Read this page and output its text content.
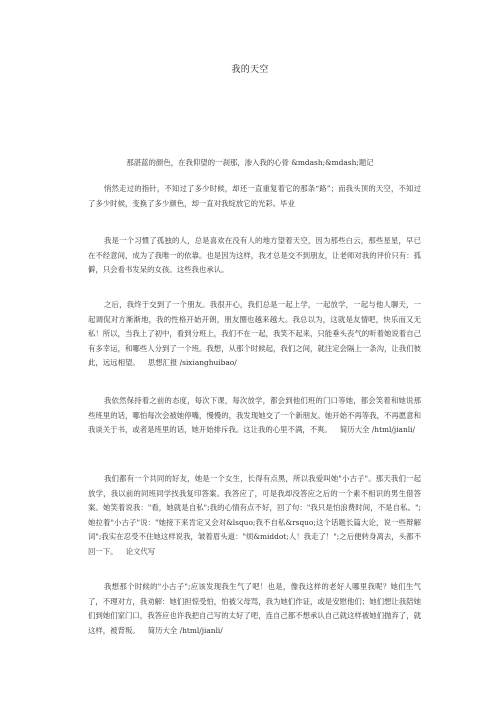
我的天空

那湛蓝的颜色，在我仰望的一刹那，渗入我的心骨 &mdash;&mdash;题记

悄然走过的指针，不知过了多少时候，却还一直重复着它的那条“路”；而我头顶的天空，不知过了多少时候，变换了多少颜色，却一直对我绽放它的光彩。毕业

我是一个习惯了孤独的人，总是喜欢在没有人的地方望着天空，因为那些白云，那些星星，早已在不经意间，成为了我唯一的依靠。也是因为这样，我才总是交不到朋友，让老师对我的评价只有：孤僻，只会看书发呆的女孩。这些我也承认。

之后，我终于交到了一个朋友。我很开心，我们总是一起上学，一起放学，一起与他人聊天，一起调侃对方渐渐地，我的性格开始开朗，朋友圈也越来越大。我总以为，这就是友情吧，快乐而又无私！所以，当我上了初中，看到分班上，我们不在一起，我笑不起来，只能垂头丧气的听着她说着自己有多幸运，和哪些人分到了一个班。我想，从那个时候起，我们之间，就注定会隔上一条沟，让我们彼此，远远相望。 思想汇报 /sixianghuibao/

我依然保持着之前的态度，每次下课，每次放学，都会到他们班的门口等她，都会笑着和她说那些班里的话，哪怕每次会被她停嘴，慢慢的，我发现她交了一个新朋友。她开始不再等我，不再愿意和我谈关于书，或者是班里的话，她开始排斥我。这让我的心里不满，不爽。 简历大全 /html/jianli/

我们都有一个共同的好友，她是一个女生，长得有点黑，所以我爱叫她"小古子"。那天我们一起放学，我以前的同班同学找我复印答案。我答应了，可是我却没答应之后的一个素不相识的男生借答案。她笑着说我："看，她就是自私";我的心情有点不好，回了句："我只是怕浪费时间，不是自私。";她拉着"小古子"说："她接下来肯定又会对&lsquo;我不自私&rsquo;这个话题长篇大论，说一些辩解词";我实在忍受不住她这样说我，皱着眉头道："烦&middot;人！我走了！";之后便转身离去，头都不回一下。 论文代写

我想那个时候的"小古子";应该发现我生气了吧！也是，像我这样的老好人哪里我呢？她们生气了，不理对方，我劝解：她们担惊受怕，怕被父母骂，我为她们作证，或是安慰他们；她们想让我陪她们到她们家门口，我答应也许我把自己写的太好了吧，连自己都不想承认自己就这样被她们抛弃了，就这样，被背叛。 简历大全 /html/jianli/
